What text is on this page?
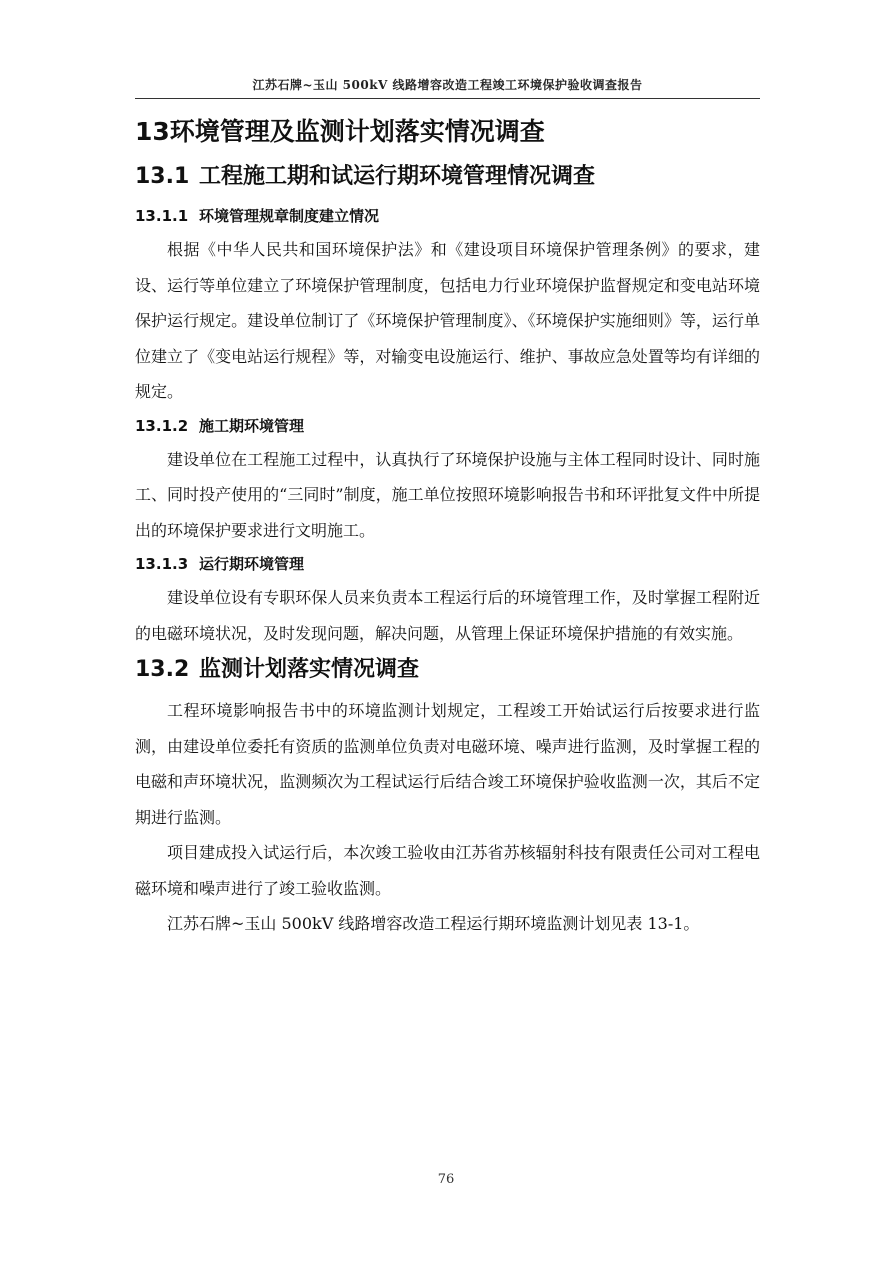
江苏石牌~玉山 500kV 线路增容改造工程竣工环境保护验收调查报告
13环境管理及监测计划落实情况调查
13.1 工程施工期和试运行期环境管理情况调查
13.1.1 环境管理规章制度建立情况

根据《中华人民共和国环境保护法》和《建设项目环境保护管理条例》的要求，建设、运行等单位建立了环境保护管理制度，包括电力行业环境保护监督规定和变电站环境保护运行规定。建设单位制订了《环境保护管理制度》、《环境保护实施细则》等，运行单位建立了《变电站运行规程》等，对输变电设施运行、维护、事故应急处置等均有详细的规定。

13.1.2 施工期环境管理

建设单位在工程施工过程中，认真执行了环境保护设施与主体工程同时设计、同时施工、同时投产使用的“三同时”制度，施工单位按照环境影响报告书和环评批复文件中所提出的环境保护要求进行文明施工。

13.1.3 运行期环境管理

建设单位设有专职环保人员来负责本工程运行后的环境管理工作，及时掌握工程附近的电磁环境状况，及时发现问题，解决问题，从管理上保证环境保护措施的有效实施。

13.2 监测计划落实情况调查

工程环境影响报告书中的环境监测计划规定，工程竣工开始试运行后按要求进行监测，由建设单位委托有资质的监测单位负责对电磁环境、噪声进行监测，及时掌握工程的电磁和声环境状况，监测频次为工程试运行后结合竣工环境保护验收监测一次，其后不定期进行监测。

项目建成投入试运行后，本次竣工验收由江苏省苏核辐射科技有限责任公司对工程电磁环境和噪声进行了竣工验收监测。

江苏石牌~玉山 500kV 线路增容改造工程运行期环境监测计划见表 13-1。

76
